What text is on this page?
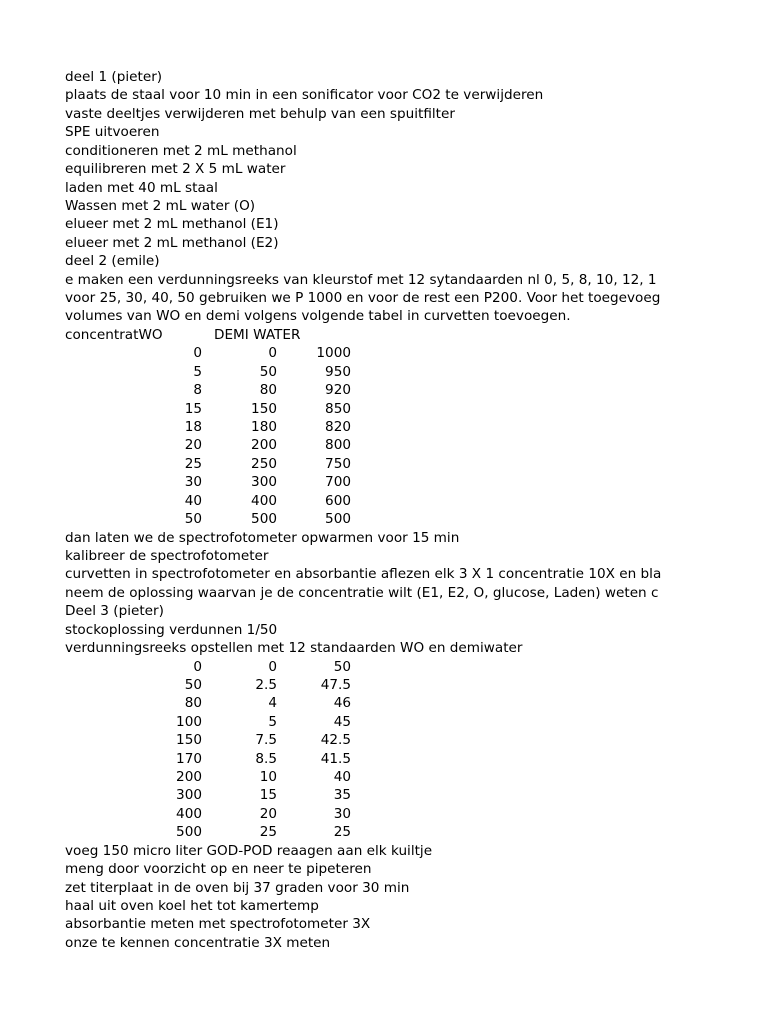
deel 1 (pieter)
plaats de staal voor 10 min in een sonificator voor CO2 te verwijderen
vaste deeltjes verwijderen met behulp van een spuitfilter
SPE uitvoeren
conditioneren met 2 mL methanol
equilibreren met 2 X 5 mL water
laden met 40 mL staal
Wassen met 2 mL water (O)
elueer met 2 mL methanol (E1)
elueer met 2 mL methanol (E2)
deel 2 (emile)
e maken een verdunningsreeks van kleurstof met 12 sytandaarden nl 0, 5, 8, 10, 12, 1
voor 25, 30, 40, 50 gebruiken we P 1000 en voor de rest een P200. Voor het toegevoeg
volumes van WO en demi volgens volgende tabel in curvetten toevoegen.
concentratWO	DEMI WATER
0	0	1000
5	50	950
8	80	920
15	150	850
18	180	820
20	200	800
25	250	750
30	300	700
40	400	600
50	500	500
dan laten we de spectrofotometer opwarmen voor 15 min
kalibreer de spectrofotometer
curvetten in spectrofotometer en absorbantie aflezen elk 3 X 1 concentratie 10X en bla
neem de oplossing waarvan je de concentratie wilt (E1, E2, O, glucose, Laden) weten c
Deel 3 (pieter)
stockoplossing verdunnen 1/50
verdunningsreeks opstellen met 12 standaarden WO en demiwater
0	0	50
50	2.5	47.5
80	4	46
100	5	45
150	7.5	42.5
170	8.5	41.5
200	10	40
300	15	35
400	20	30
500	25	25
voeg 150 micro liter GOD-POD reaagen aan elk kuiltje
meng door voorzicht op en neer te pipeteren
zet titerplaat in de oven bij 37 graden voor 30 min
haal uit oven koel het tot kamertemp
absorbantie meten met spectrofotometer 3X
onze te kennen concentratie 3X meten
